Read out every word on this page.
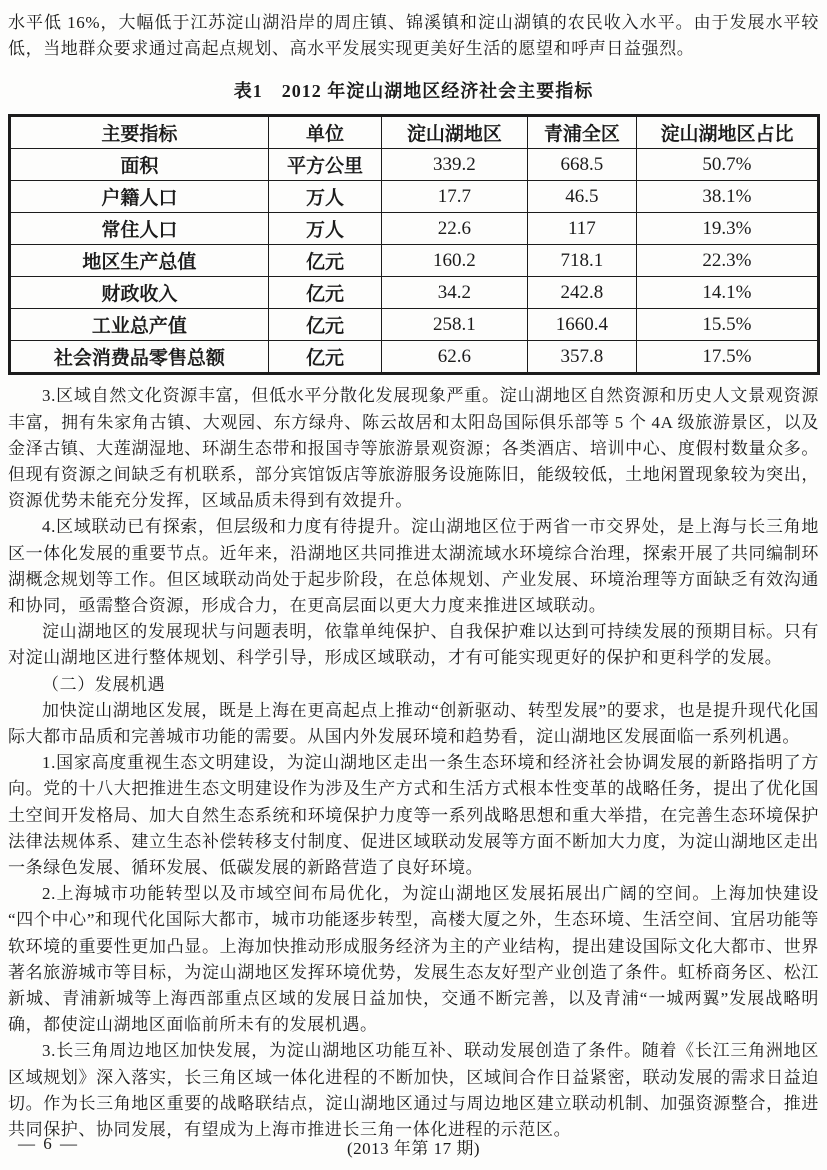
水平低 16%，大幅低于江苏淀山湖沿岸的周庄镇、锦溪镇和淀山湖镇的农民收入水平。由于发展水平较低，当地群众要求通过高起点规划、高水平发展实现更美好生活的愿望和呼声日益强烈。

表1　2012 年淀山湖地区经济社会主要指标
主要指标	单位	淀山湖地区	青浦全区	淀山湖地区占比
面积	平方公里	339.2	668.5	50.7%
户籍人口	万人	17.7	46.5	38.1%
常住人口	万人	22.6	117	19.3%
地区生产总值	亿元	160.2	718.1	22.3%
财政收入	亿元	34.2	242.8	14.1%
工业总产值	亿元	258.1	1660.4	15.5%
社会消费品零售总额	亿元	62.6	357.8	17.5%

3.区域自然文化资源丰富，但低水平分散化发展现象严重。淀山湖地区自然资源和历史人文景观资源丰富，拥有朱家角古镇、大观园、东方绿舟、陈云故居和太阳岛国际俱乐部等 5 个 4A 级旅游景区，以及金泽古镇、大莲湖湿地、环湖生态带和报国寺等旅游景观资源；各类酒店、培训中心、度假村数量众多。但现有资源之间缺乏有机联系，部分宾馆饭店等旅游服务设施陈旧，能级较低，土地闲置现象较为突出，资源优势未能充分发挥，区域品质未得到有效提升。

4.区域联动已有探索，但层级和力度有待提升。淀山湖地区位于两省一市交界处，是上海与长三角地区一体化发展的重要节点。近年来，沿湖地区共同推进太湖流域水环境综合治理，探索开展了共同编制环湖概念规划等工作。但区域联动尚处于起步阶段，在总体规划、产业发展、环境治理等方面缺乏有效沟通和协同，亟需整合资源，形成合力，在更高层面以更大力度来推进区域联动。

淀山湖地区的发展现状与问题表明，依靠单纯保护、自我保护难以达到可持续发展的预期目标。只有对淀山湖地区进行整体规划、科学引导，形成区域联动，才有可能实现更好的保护和更科学的发展。

（二）发展机遇

加快淀山湖地区发展，既是上海在更高起点上推动“创新驱动、转型发展”的要求，也是提升现代化国际大都市品质和完善城市功能的需要。从国内外发展环境和趋势看，淀山湖地区发展面临一系列机遇。

1.国家高度重视生态文明建设，为淀山湖地区走出一条生态环境和经济社会协调发展的新路指明了方向。党的十八大把推进生态文明建设作为涉及生产方式和生活方式根本性变革的战略任务，提出了优化国土空间开发格局、加大自然生态系统和环境保护力度等一系列战略思想和重大举措，在完善生态环境保护法律法规体系、建立生态补偿转移支付制度、促进区域联动发展等方面不断加大力度，为淀山湖地区走出一条绿色发展、循环发展、低碳发展的新路营造了良好环境。

2.上海城市功能转型以及市域空间布局优化，为淀山湖地区发展拓展出广阔的空间。上海加快建设“四个中心”和现代化国际大都市，城市功能逐步转型，高楼大厦之外，生态环境、生活空间、宜居功能等软环境的重要性更加凸显。上海加快推动形成服务经济为主的产业结构，提出建设国际文化大都市、世界著名旅游城市等目标，为淀山湖地区发挥环境优势，发展生态友好型产业创造了条件。虹桥商务区、松江新城、青浦新城等上海西部重点区域的发展日益加快，交通不断完善，以及青浦“一城两翼”发展战略明确，都使淀山湖地区面临前所未有的发展机遇。

3.长三角周边地区加快发展，为淀山湖地区功能互补、联动发展创造了条件。随着《长江三角洲地区区域规划》深入落实，长三角区域一体化进程的不断加快，区域间合作日益紧密，联动发展的需求日益迫切。作为长三角地区重要的战略联结点，淀山湖地区通过与周边地区建立联动机制、加强资源整合，推进共同保护、协同发展，有望成为上海市推进长三角一体化进程的示范区。

— 6 —	(2013 年第 17 期)
